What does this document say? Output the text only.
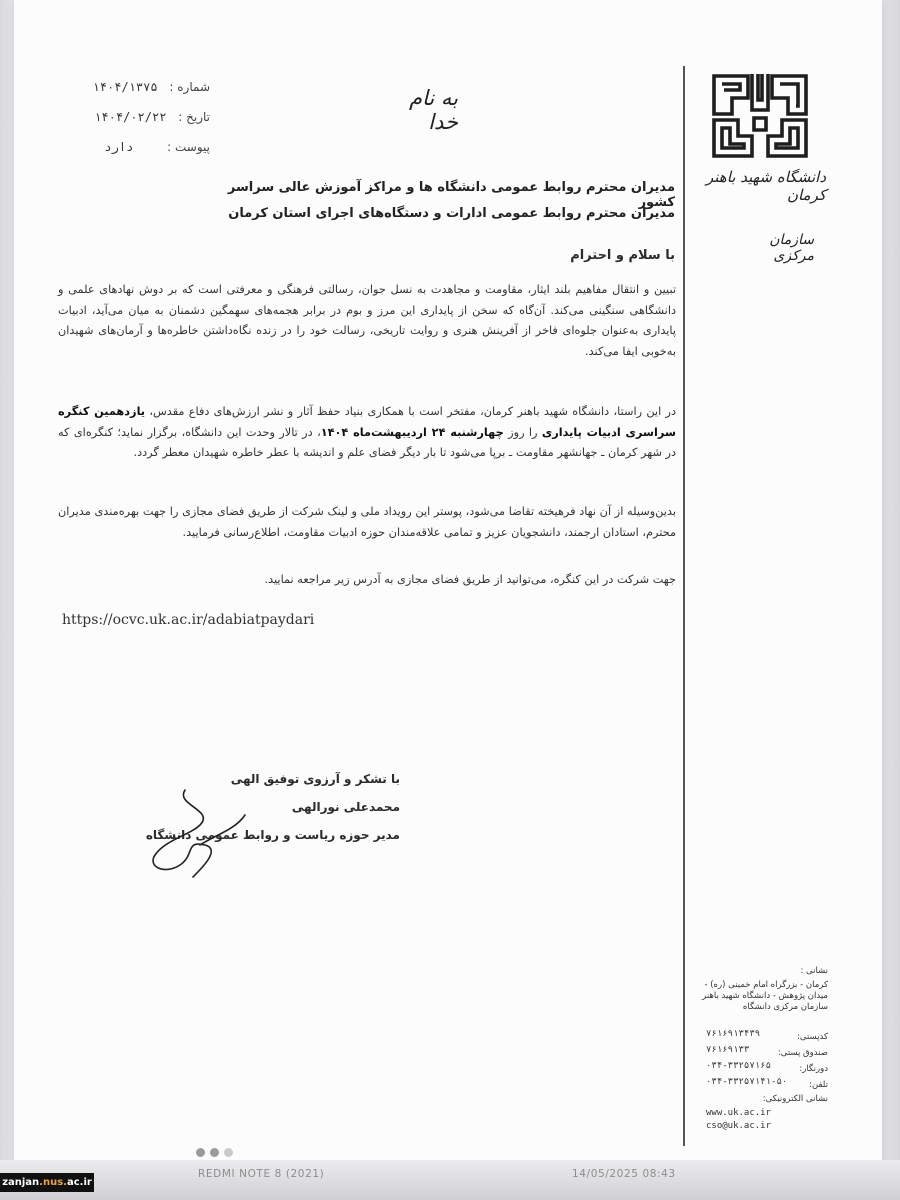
شماره : ۱۴۰۴/۱۳۷۵
تاریخ : ۱۴۰۴/۰۲/۲۲
پیوست : دارد
به نام خدا
دانشگاه شهید باهنر کرمان
سازمان مرکزی
مدیران محترم روابط عمومی دانشگاه ها و مراکز آموزش عالی سراسر کشور
مدیران محترم روابط عمومی ادارات و دستگاه‌های اجرای استان کرمان
با سلام و احترام
تبیین و انتقال مفاهیم بلند ایثار، مقاومت و مجاهدت به نسل جوان، رسالتی فرهنگی و معرفتی است که بر دوش نهادهای علمی و دانشگاهی سنگینی می‌کند. آن‌گاه که سخن از پایداری این مرز و بوم در برابر هجمه‌های سهمگین دشمنان به میان می‌آید، ادبیات پایداری به‌عنوان جلوه‌ای فاخر از آفرینش هنری و روایت تاریخی، رسالت خود را در زنده نگاه‌داشتن خاطره‌ها و آرمان‌های شهیدان به‌خوبی ایفا می‌کند.
در این راستا، دانشگاه شهید باهنر کرمان، مفتخر است با همکاری بنیاد حفظ آثار و نشر ارزش‌های دفاع مقدس، یازدهمین کنگره سراسری ادبیات پایداری را روز چهارشنبه ۲۴ اردیبهشت‌ماه ۱۴۰۴، در تالار وحدت این دانشگاه، برگزار نماید؛ کنگره‌ای که در شهر کرمان ـ جهانشهر مقاومت ـ برپا می‌شود تا بار دیگر فضای علم و اندیشه با عطر خاطره شهیدان معطر گردد.
بدین‌وسیله از آن نهاد فرهیخته تقاضا می‌شود، پوستر این رویداد ملی و لینک شرکت از طریق فضای مجازی را جهت بهره‌مندی مدیران محترم، استادان ارجمند، دانشجویان عزیز و تمامی علاقه‌مندان حوزه ادبیات مقاومت، اطلاع‌رسانی فرمایید.
جهت شرکت در این کنگره، می‌توانید از طریق فضای مجازی به آدرس زیر مراجعه نمایید.
https://ocvc.uk.ac.ir/adabiatpaydari
با تشکر و آرزوی توفیق الهی
محمدعلی نورالهی
مدیر حوزه ریاست و روابط عمومی دانشگاه
نشانی :
کرمان - بزرگراه امام خمینی (ره) - میدان پژوهش - دانشگاه شهید باهنر سازمان مرکزی دانشگاه
کدپستی:
۷۶۱۶۹۱۳۴۳۹
صندوق پستی:
۷۶۱۶۹۱۳۳
دورنگار:
۰۳۴-۳۳۲۵۷۱۶۵
تلفن:
۰۳۴-۳۳۲۵۷۱۴۱-۵۰
نشانی الکترونیکی:
www.uk.ac.ir
cso@uk.ac.ir
REDMI NOTE 8 (2021)	14/05/2025 08:43
zanjan.nus.ac.ir
